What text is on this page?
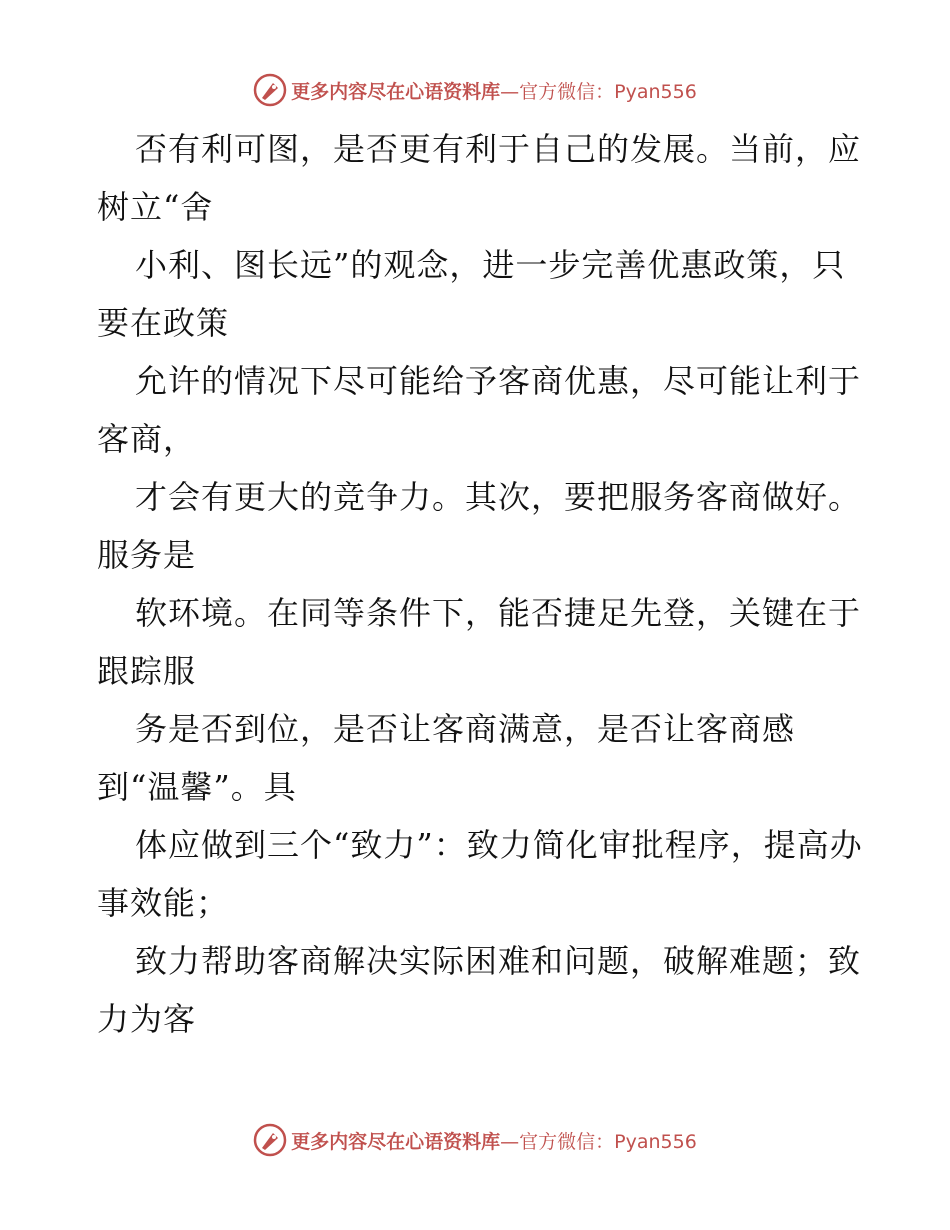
更多内容尽在心语资料库 —官方微信：Pyan556

否有利可图，是否更有利于自己的发展。当前，应树立“舍

小利、图长远”的观念，进一步完善优惠政策，只要在政策

允许的情况下尽可能给予客商优惠，尽可能让利于客商，

才会有更大的竞争力。其次，要把服务客商做好。服务是

软环境。在同等条件下，能否捷足先登，关键在于跟踪服

务是否到位，是否让客商满意，是否让客商感到“温馨”。具

体应做到三个“致力”：致力简化审批程序，提高办事效能；

致力帮助客商解决实际困难和问题，破解难题；致力为客

更多内容尽在心语资料库 —官方微信：Pyan556
